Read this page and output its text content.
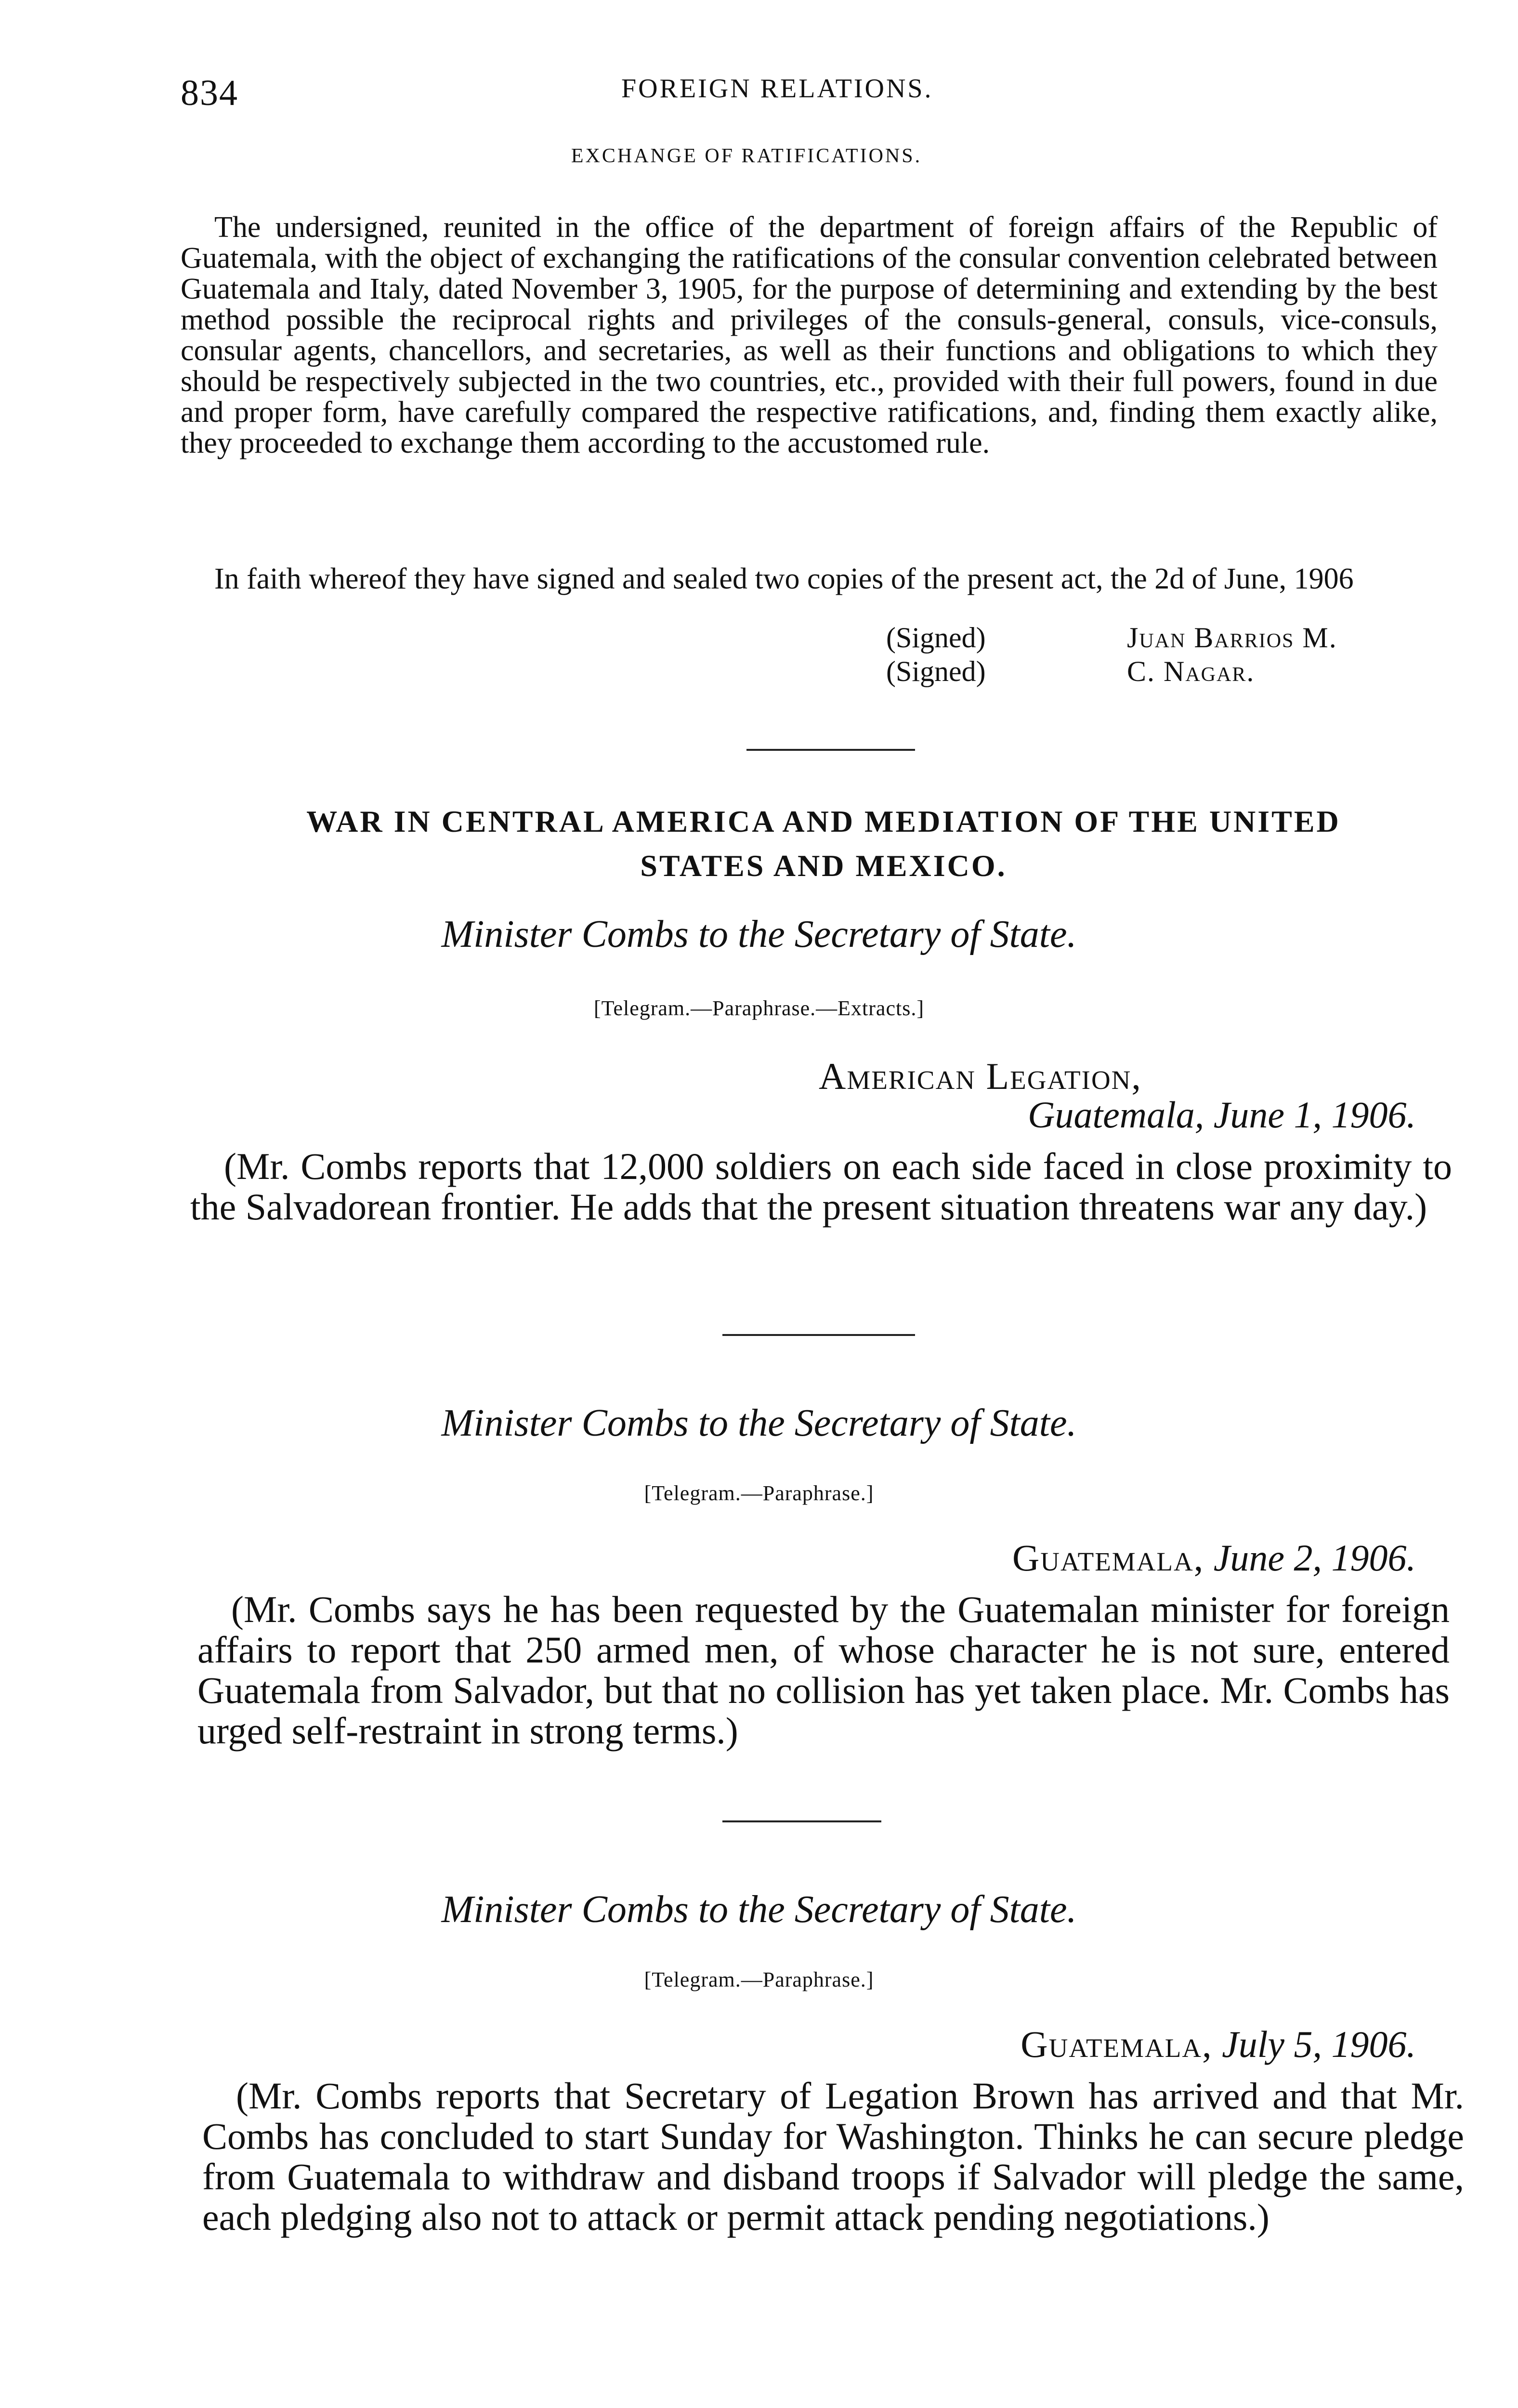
834	FOREIGN RELATIONS.
EXCHANGE OF RATIFICATIONS.

The undersigned, reunited in the office of the department of foreign affairs of the Republic of Guatemala, with the object of exchanging the ratifications of the consular convention celebrated between Guatemala and Italy, dated November 3, 1905, for the purpose of determining and extending by the best method possible the reciprocal rights and privileges of the consuls-general, consuls, vice-consuls, consular agents, chancellors, and secretaries, as well as their functions and obligations to which they should be respectively subjected in the two countries, etc., provided with their full powers, found in due and proper form, have carefully compared the respective ratifications, and, finding them exactly alike, they proceeded to exchange them according to the accustomed rule.

In faith whereof they have signed and sealed two copies of the present act, the 2d of June, 1906

(Signed)	Juan Barrios M.
(Signed)	C. Nagar.
WAR IN CENTRAL AMERICA AND MEDIATION OF THE UNITED
STATES AND MEXICO.
Minister Combs to the Secretary of State.
[Telegram.—Paraphrase.—Extracts.]
American Legation,
Guatemala, June 1, 1906.

(Mr. Combs reports that 12,000 soldiers on each side faced in close proximity to the Salvadorean frontier. He adds that the present situation threatens war any day.)

Minister Combs to the Secretary of State.
[Telegram.—Paraphrase.]
Guatemala, June 2, 1906.

(Mr. Combs says he has been requested by the Guatemalan minister for foreign affairs to report that 250 armed men, of whose character he is not sure, entered Guatemala from Salvador, but that no collision has yet taken place. Mr. Combs has urged self-restraint in strong terms.)

Minister Combs to the Secretary of State.
[Telegram.—Paraphrase.]
Guatemala, July 5, 1906.

(Mr. Combs reports that Secretary of Legation Brown has arrived and that Mr. Combs has concluded to start Sunday for Washington. Thinks he can secure pledge from Guatemala to withdraw and disband troops if Salvador will pledge the same, each pledging also not to attack or permit attack pending negotiations.)
